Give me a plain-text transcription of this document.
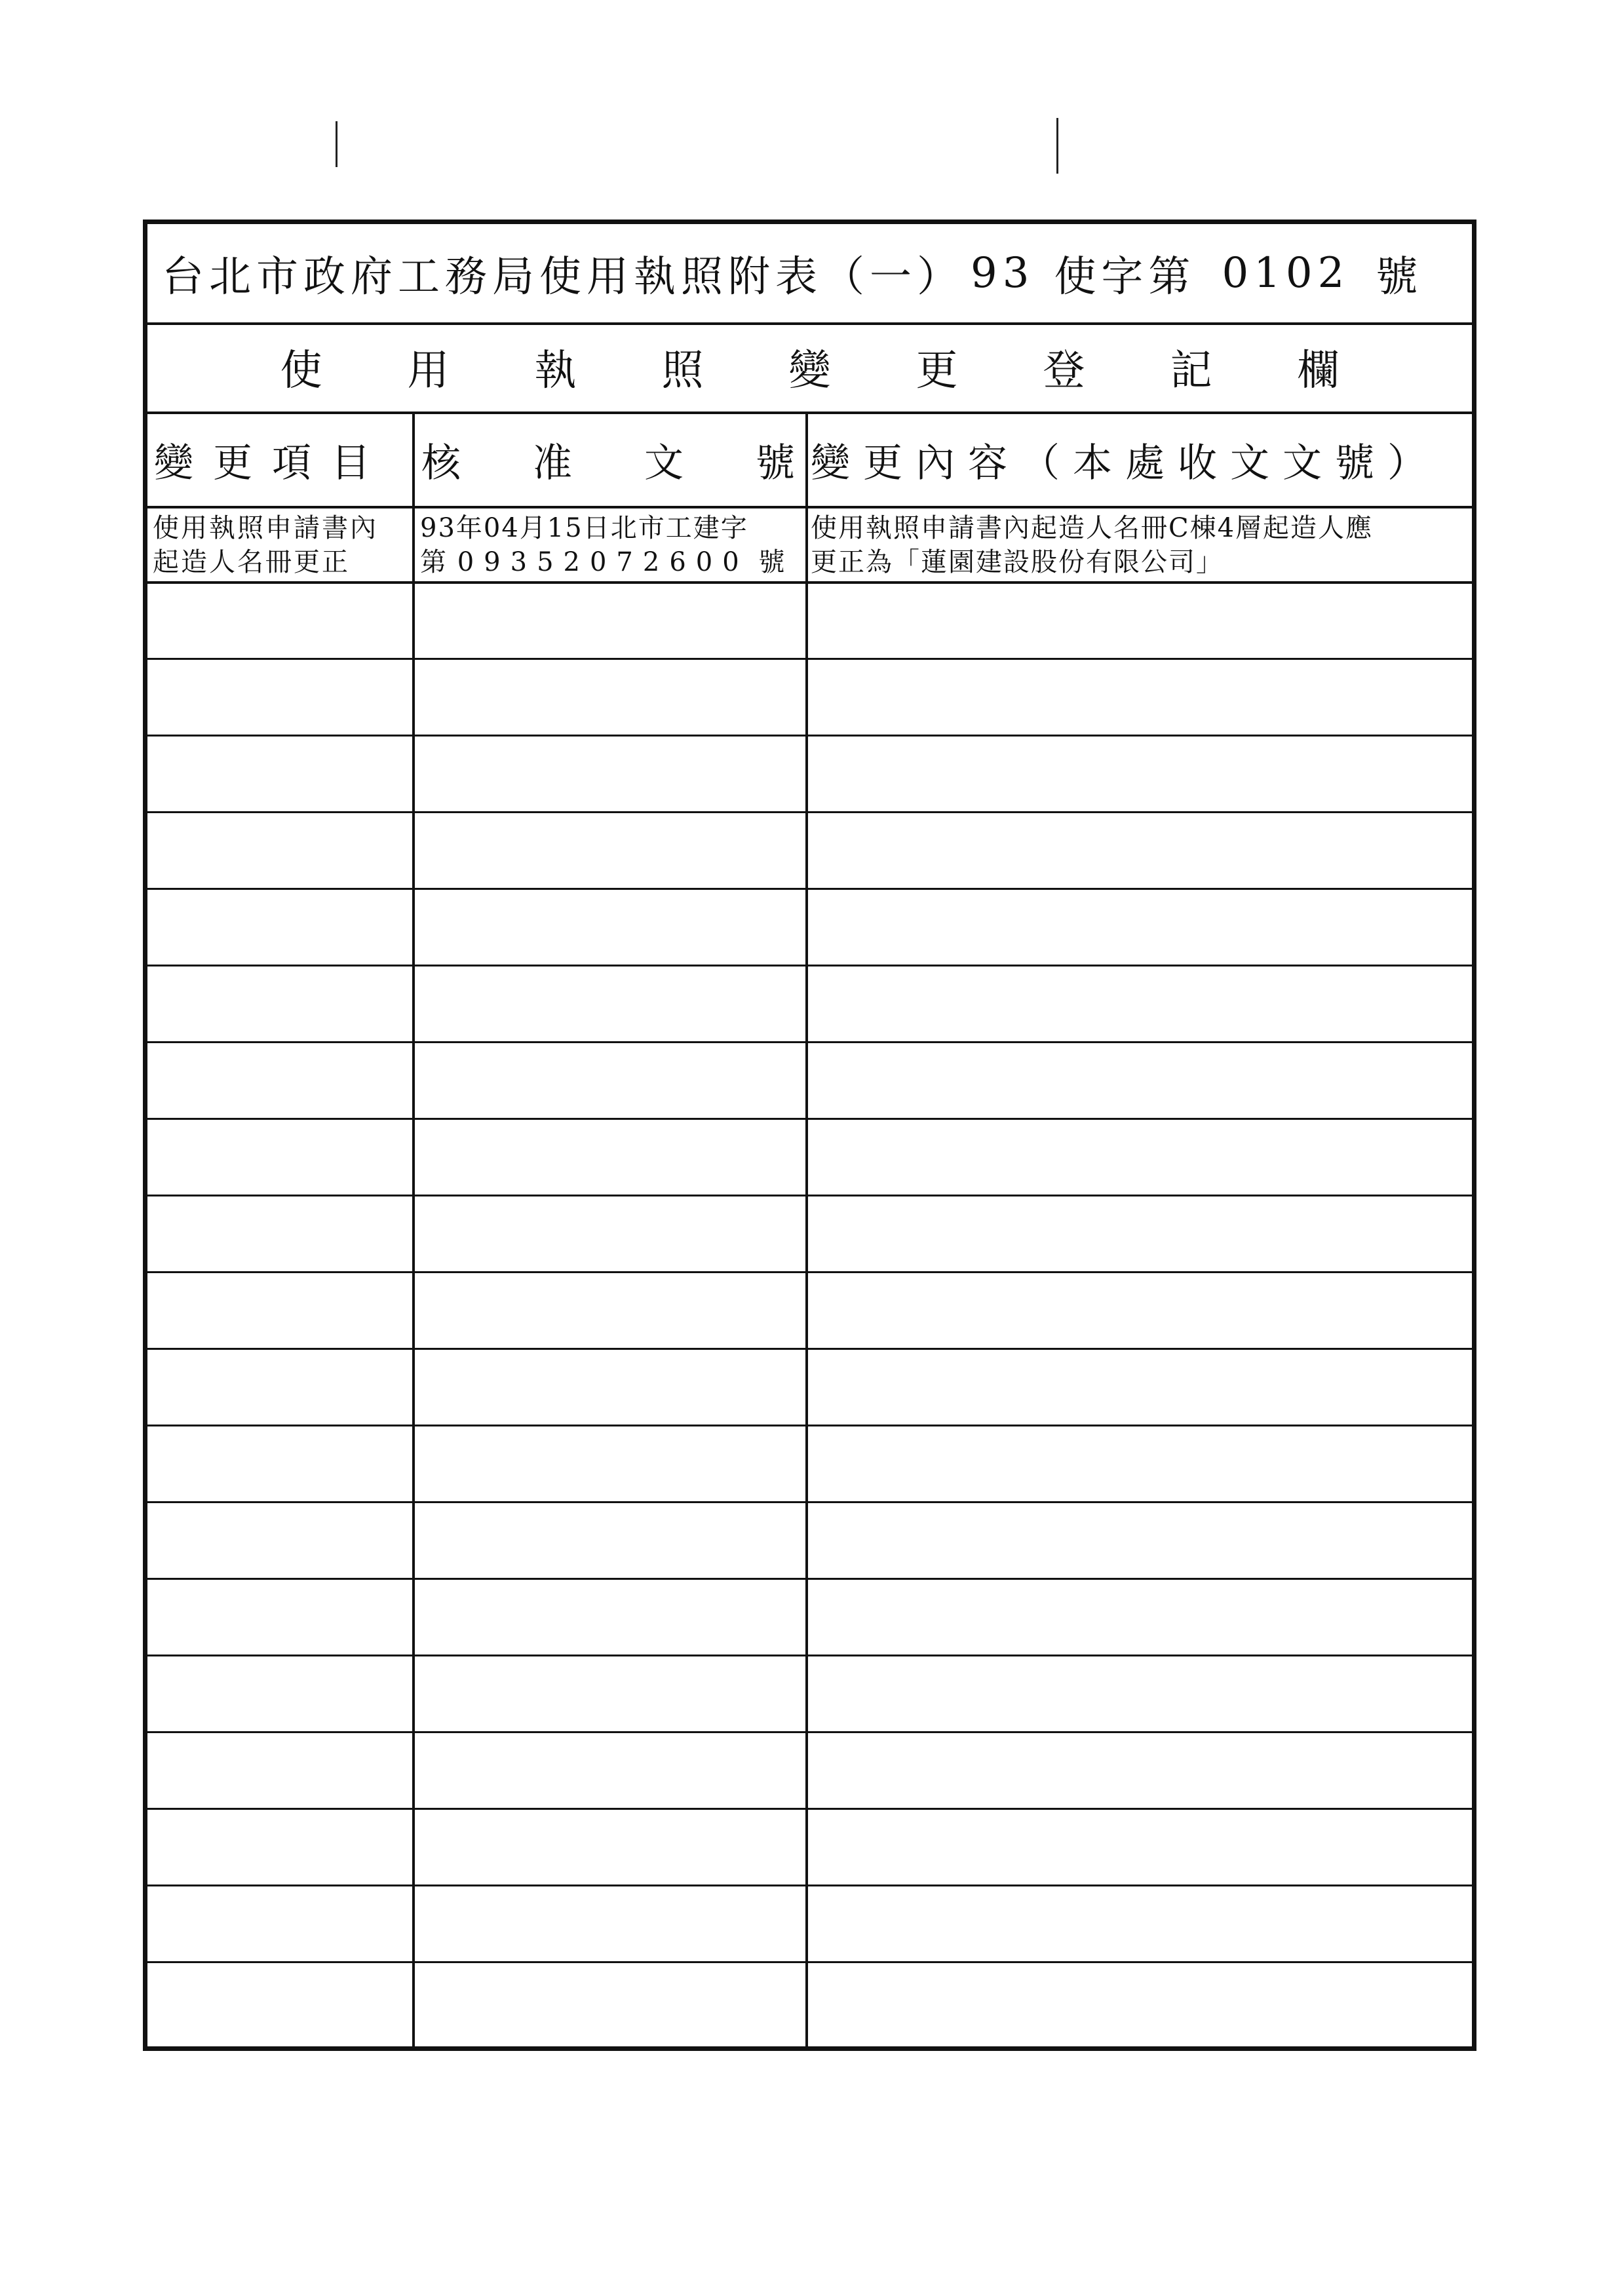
台北市政府工務局使用執照附表（一） 93 使字第 0102 號
使用執照變更登記欄
變更項目 核准文 號 變更內容（本處收文文號）
使用執照申請書內
起造人名冊更正
93年04月15日北市工建字
第 09352072600 號
使用執照申請書內起造人名冊C棟4層起造人應
更正為「蓮園建設股份有限公司」
